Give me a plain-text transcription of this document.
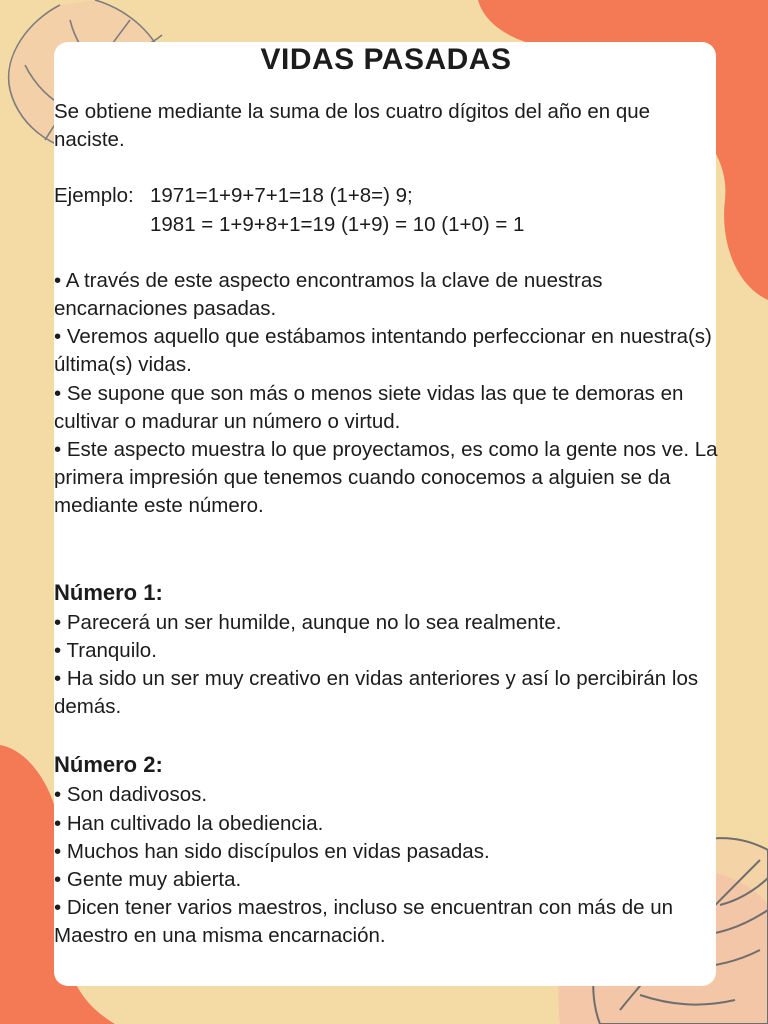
VIDAS PASADAS

Se obtiene mediante la suma de los cuatro dígitos del año en que naciste.

Ejemplo: 1971=1+9+7+1=18 (1+8=) 9;
1981 = 1+9+8+1=19 (1+9) = 10 (1+0) = 1

• A través de este aspecto encontramos la clave de nuestras encarnaciones pasadas.

• Veremos aquello que estábamos intentando perfeccionar en nuestra(s) última(s) vidas.

• Se supone que son más o menos siete vidas las que te demoras en cultivar o madurar un número o virtud.

• Este aspecto muestra lo que proyectamos, es como la gente nos ve. La primera impresión que tenemos cuando conocemos a alguien se da mediante este número.

Número 1:

• Parecerá un ser humilde, aunque no lo sea realmente.

• Tranquilo.

• Ha sido un ser muy creativo en vidas anteriores y así lo percibirán los demás.

Número 2:

• Son dadivosos.

• Han cultivado la obediencia.

• Muchos han sido discípulos en vidas pasadas.

• Gente muy abierta.

• Dicen tener varios maestros, incluso se encuentran con más de un Maestro en una misma encarnación.
